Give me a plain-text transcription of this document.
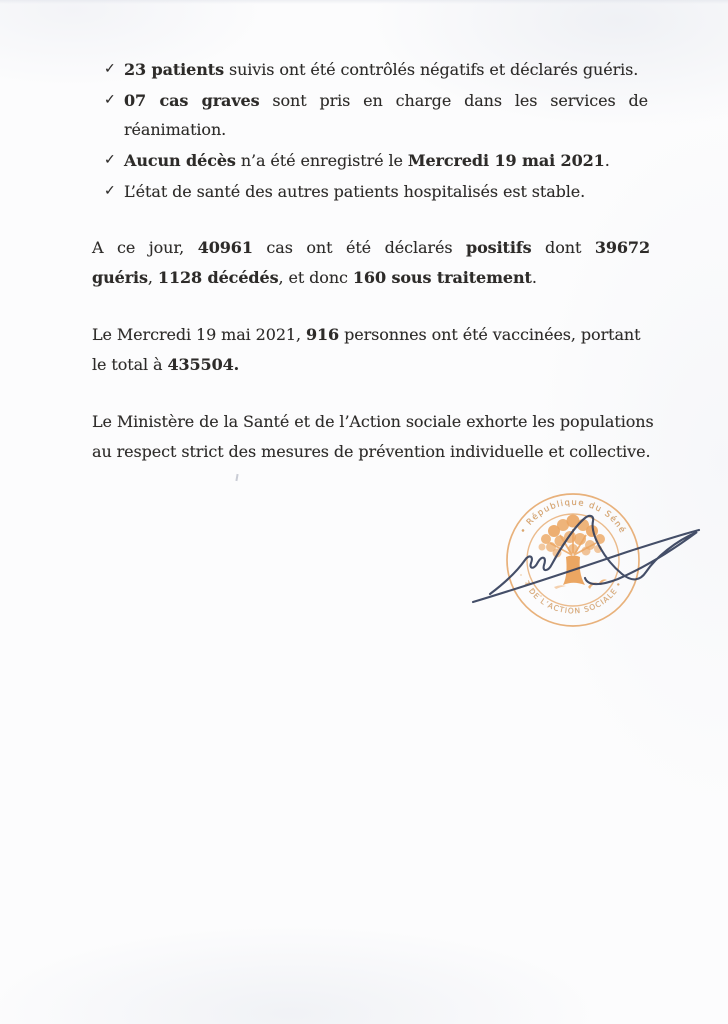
✓ 23 patients suivis ont été contrôlés négatifs et déclarés guéris.
✓ 07 cas graves sont pris en charge dans les services de
réanimation.
✓ Aucun décès n’a été enregistré le Mercredi 19 mai 2021.
✓ L’état de santé des autres patients hospitalisés est stable.
A ce jour, 40961 cas ont été déclarés positifs dont 39672
guéris, 1128 décédés, et donc 160 sous traitement.
Le Mercredi 19 mai 2021, 916 personnes ont été vaccinées, portant
le total à 435504.
Le Ministère de la Santé et de l’Action sociale exhorte les populations
au respect strict des mesures de prévention individuelle et collective.
• République du Séné
T DE L’ACTION SOCIALE •
